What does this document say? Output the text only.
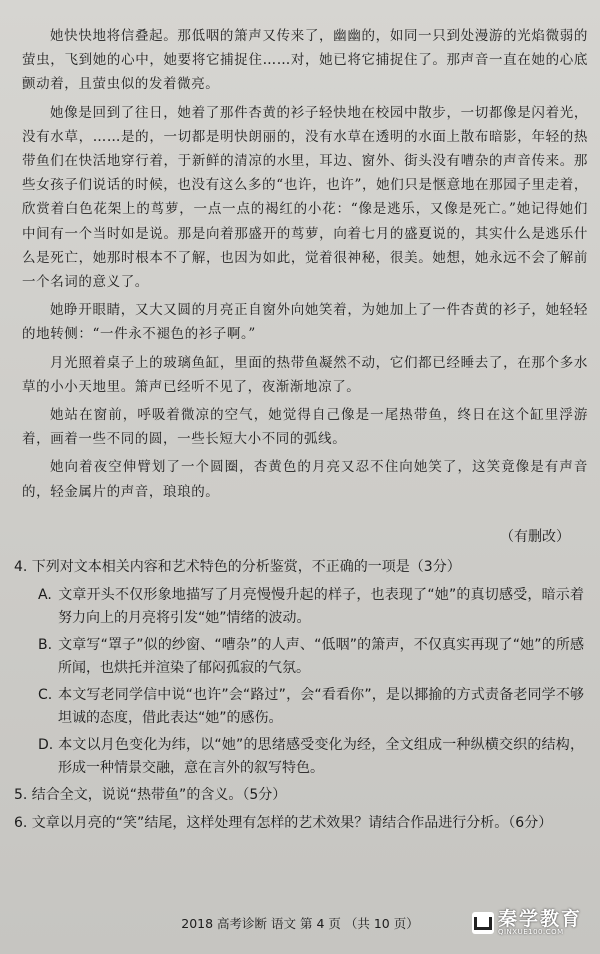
她快快地将信叠起。那低咽的箫声又传来了，幽幽的，如同一只到处漫游的光焰微弱的萤虫，飞到她的心中，她要将它捕捉住……对，她已将它捕捉住了。那声音一直在她的心底颤动着，且萤虫似的发着微亮。

她像是回到了往日，她着了那件杏黄的衫子轻快地在校园中散步，一切都像是闪着光，没有水草，……是的，一切都是明快朗丽的，没有水草在透明的水面上散布暗影，年轻的热带鱼们在快活地穿行着，于新鲜的清凉的水里，耳边、窗外、街头没有嘈杂的声音传来。那些女孩子们说话的时候，也没有这么多的“也许，也许”，她们只是惬意地在那园子里走着，欣赏着白色花架上的茑萝，一点一点的褐红的小花：“像是逃乐，又像是死亡。”她记得她们中间有一个当时如是说。那是向着那盛开的茑萝，向着七月的盛夏说的，其实什么是逃乐什么是死亡，她那时根本不了解，也因为如此，觉着很神秘，很美。她想，她永远不会了解前一个名词的意义了。

她睁开眼睛，又大又圆的月亮正自窗外向她笑着，为她加上了一件杏黄的衫子，她轻轻的地转侧：“一件永不褪色的衫子啊。”

月光照着桌子上的玻璃鱼缸，里面的热带鱼凝然不动，它们都已经睡去了，在那个多水草的小小天地里。箫声已经听不见了，夜渐渐地凉了。

她站在窗前，呼吸着微凉的空气，她觉得自己像是一尾热带鱼，终日在这个缸里浮游着，画着一些不同的圆，一些长短大小不同的弧线。

她向着夜空伸臂划了一个圆圈，杏黄色的月亮又忍不住向她笑了，这笑竟像是有声音的，轻金属片的声音，琅琅的。

（有删改）

4. 下列对文本相关内容和艺术特色的分析鉴赏，不正确的一项是（3分）

A. 文章开头不仅形象地描写了月亮慢慢升起的样子，也表现了“她”的真切感受，暗示着努力向上的月亮将引发“她”情绪的波动。

B. 文章写“罩子”似的纱窗、“嘈杂”的人声、“低咽”的箫声，不仅真实再现了“她”的所感所闻，也烘托并渲染了郁闷孤寂的气氛。

C. 本文写老同学信中说“也许”会“路过”，会“看看你”，是以揶揄的方式责备老同学不够坦诚的态度，借此表达“她”的感伤。

D. 本文以月色变化为纬，以“她”的思绪感受变化为经，全文组成一种纵横交织的结构，形成一种情景交融，意在言外的叙写特色。

5. 结合全文，说说“热带鱼”的含义。（5分）

6. 文章以月亮的“笑”结尾，这样处理有怎样的艺术效果？请结合作品进行分析。（6分）

2018 高考诊断 语文 第 4 页 （共 10 页）	秦学教育
QINXUE100.COM
